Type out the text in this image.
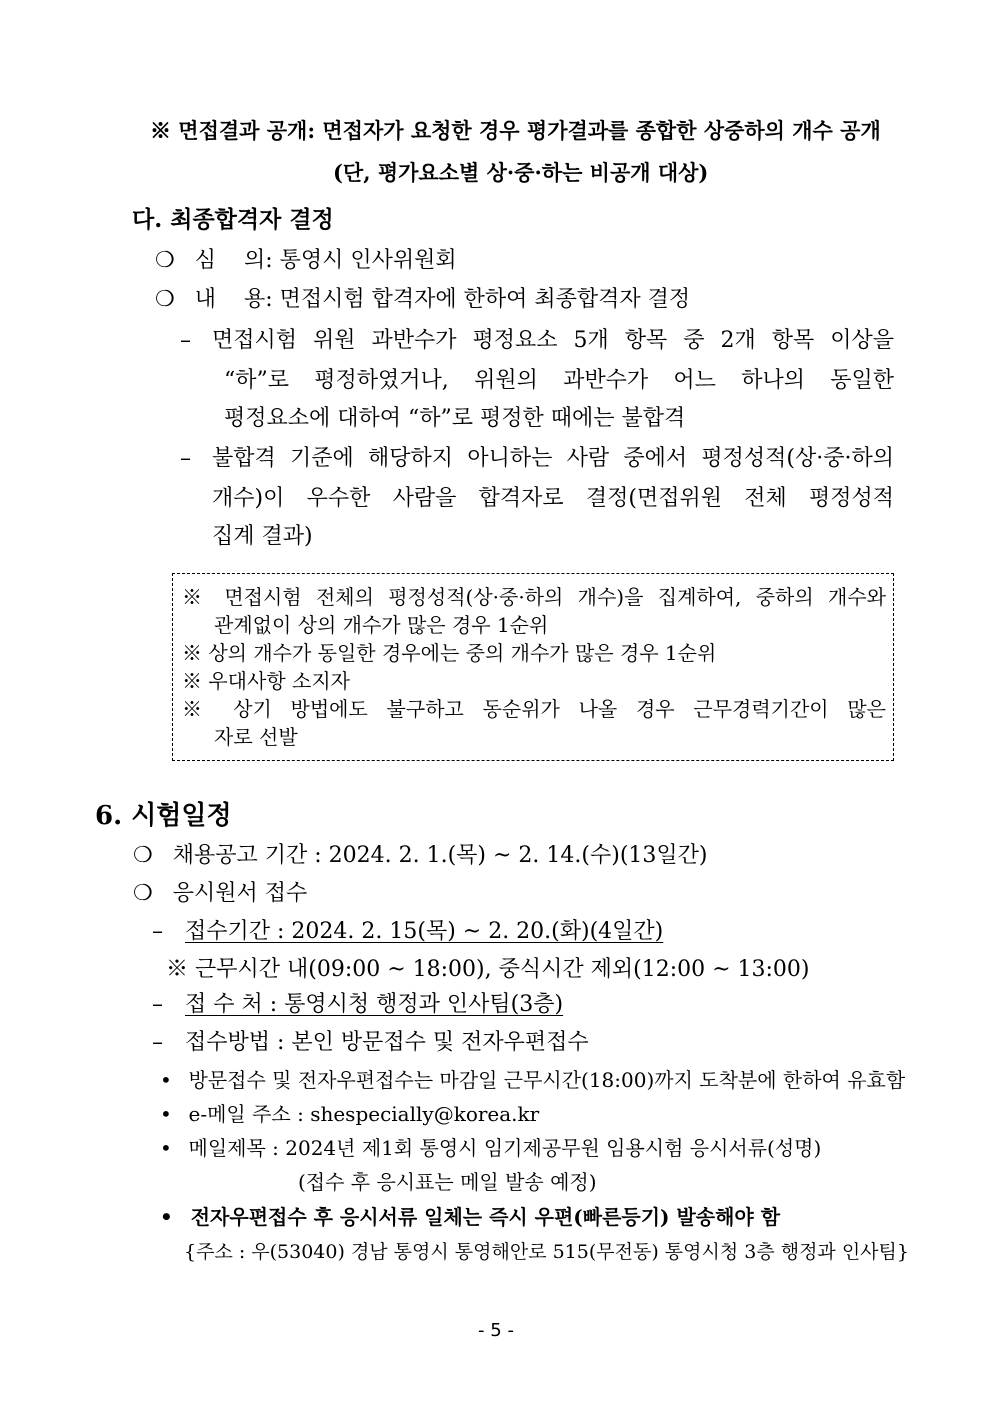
※ 면접결과 공개: 면접자가 요청한 경우 평가결과를 종합한 상중하의 개수 공개
(단, 평가요소별 상·중·하는 비공개 대상)
다. 최종합격자 결정
❍ 심    의: 통영시 인사위원회
❍ 내    용: 면접시험 합격자에 한하여 최종합격자 결정
– 면접시험 위원 과반수가 평정요소 5개 항목 중 2개 항목 이상을
“하”로 평정하였거나, 위원의 과반수가 어느 하나의 동일한
평정요소에 대하여 “하”로 평정한 때에는 불합격
– 불합격 기준에 해당하지 아니하는 사람 중에서 평정성적(상·중·하의
개수)이 우수한 사람을 합격자로 결정(면접위원 전체 평정성적
집계 결과)
※ 면접시험 전체의 평정성적(상·중·하의 개수)을 집계하여, 중하의 개수와
관계없이 상의 개수가 많은 경우 1순위
※ 상의 개수가 동일한 경우에는 중의 개수가 많은 경우 1순위
※ 우대사항 소지자
※ 상기 방법에도 불구하고 동순위가 나올 경우 근무경력기간이 많은
자로 선발
6. 시험일정
❍ 채용공고 기간 : 2024. 2. 1.(목) ~ 2. 14.(수)(13일간)
❍ 응시원서 접수
– 접수기간 : 2024. 2. 15(목) ~ 2. 20.(화)(4일간)
※ 근무시간 내(09:00 ~ 18:00), 중식시간 제외(12:00 ~ 13:00)
– 접 수 처 : 통영시청 행정과 인사팀(3층)
– 접수방법 : 본인 방문접수 및 전자우편접수
• 방문접수 및 전자우편접수는 마감일 근무시간(18:00)까지 도착분에 한하여 유효함
• e-메일 주소 : shespecially@korea.kr
• 메일제목 : 2024년 제1회 통영시 임기제공무원 임용시험 응시서류(성명)
(접수 후 응시표는 메일 발송 예정)
• 전자우편접수 후 응시서류 일체는 즉시 우편(빠른등기) 발송해야 함
{주소 : 우(53040) 경남 통영시 통영해안로 515(무전동) 통영시청 3층 행정과 인사팀}
- 5 -
